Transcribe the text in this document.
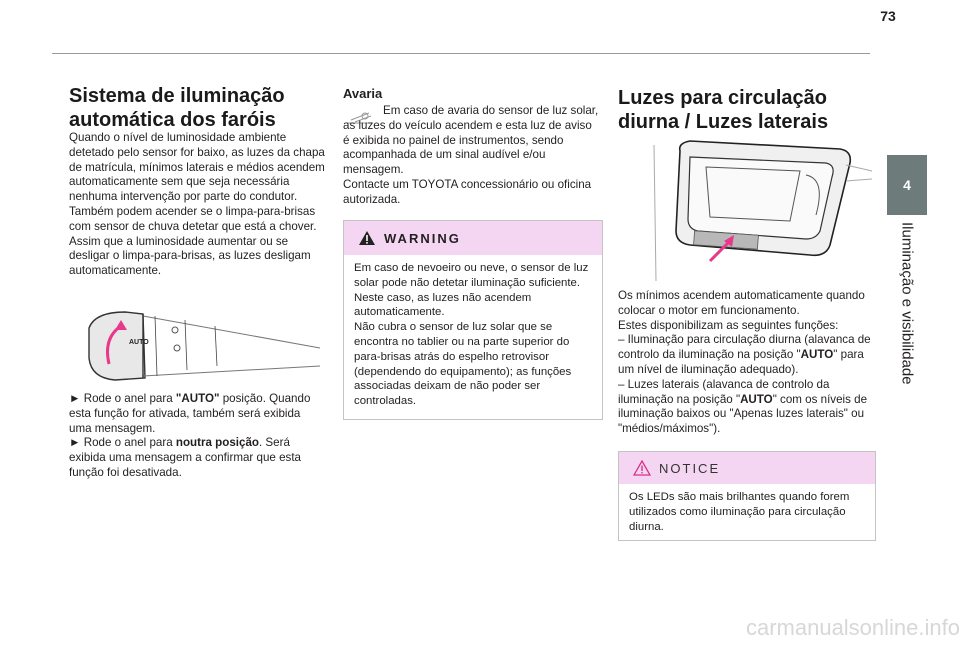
73
4
Iluminação e visibilidade
Sistema de iluminação
automática dos faróis

Quando o nível de luminosidade ambiente detetado pelo sensor for baixo, as luzes da chapa de matrícula, mínimos laterais e médios acendem automaticamente sem que seja necessária nenhuma intervenção por parte do condutor. Também podem acender se o limpa-para-brisas com sensor de chuva detetar que está a chover.

Assim que a luminosidade aumentar ou se desligar o limpa-para-brisas, as luzes desligam automaticamente.

AUTO

► Rode o anel para "AUTO" posição. Quando esta função for ativada, também será exibida uma mensagem.

► Rode o anel para noutra posição. Será exibida uma mensagem a confirmar que esta função foi desativada.

Avaria

Em caso de avaria do sensor de luz solar, as luzes do veículo acendem e esta luz de aviso é exibida no painel de instrumentos, sendo acompanhada de um sinal audível e/ou mensagem.

Contacte um TOYOTA concessionário ou oficina autorizada.

WARNING

Em caso de nevoeiro ou neve, o sensor de luz solar pode não detetar iluminação suficiente. Neste caso, as luzes não acendem automaticamente.

Não cubra o sensor de luz solar que se encontra no tablier ou na parte superior do para-brisas atrás do espelho retrovisor (dependendo do equipamento); as funções associadas deixam de não poder ser controladas.

Luzes para circulação
diurna / Luzes laterais

Os mínimos acendem automaticamente quando colocar o motor em funcionamento.

Estes disponibilizam as seguintes funções:

– Iluminação para circulação diurna (alavanca de controlo da iluminação na posição "AUTO" para um nível de iluminação adequado).

– Luzes laterais (alavanca de controlo da iluminação na posição "AUTO" com os níveis de iluminação baixos ou "Apenas luzes laterais" ou "médios/máximos").

NOTICE

Os LEDs são mais brilhantes quando forem utilizados como iluminação para circulação diurna.

carmanualsonline.info
